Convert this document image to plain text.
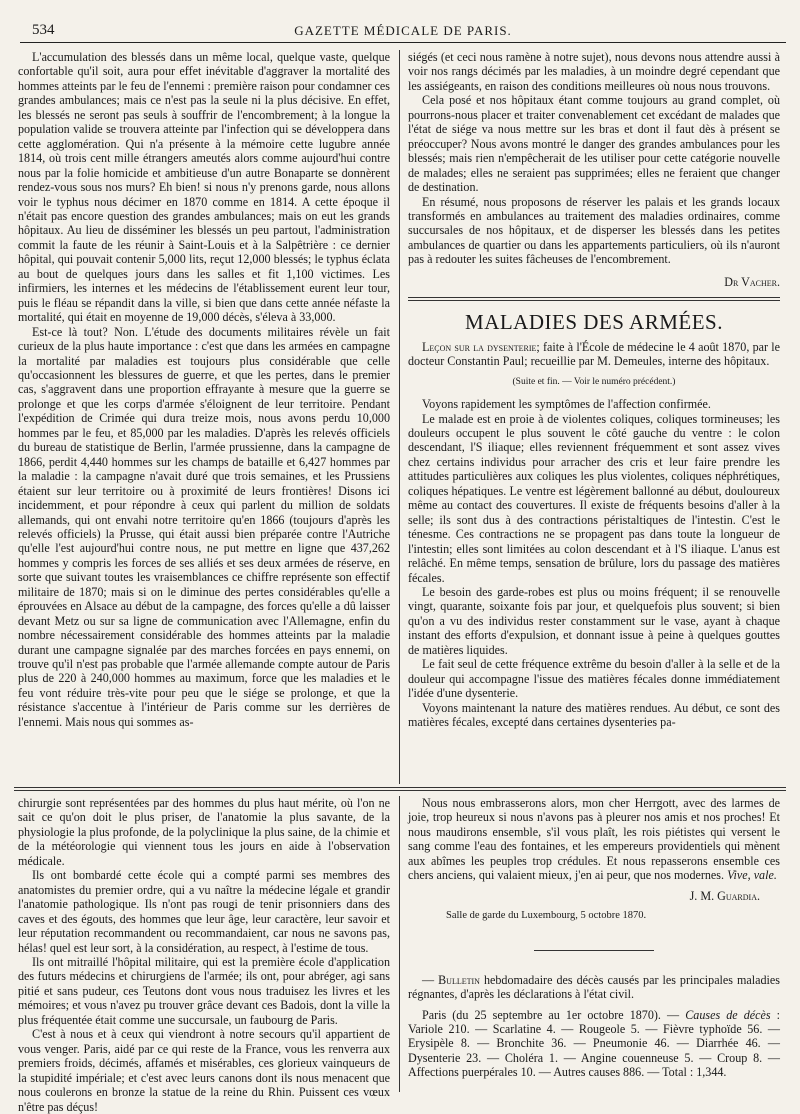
534	GAZETTE MÉDICALE DE PARIS.

L'accumulation des blessés dans un même local, quelque vaste, quelque confortable qu'il soit, aura pour effet inévitable d'aggraver la mortalité des hommes atteints par le feu de l'ennemi : première raison pour condamner ces grandes ambulances; mais ce n'est pas la seule ni la plus décisive. En effet, les blessés ne seront pas seuls à souffrir de l'encombrement; à la longue la population valide se trouvera atteinte par l'infection qui se développera dans cette agglomération. Qui n'a présente à la mémoire cette lugubre année 1814, où trois cent mille étrangers ameutés alors comme aujourd'hui contre nous par la folie homicide et ambitieuse d'un autre Bonaparte se donnèrent rendez-vous sous nos murs? Eh bien! si nous n'y prenons garde, nous allons voir le typhus nous décimer en 1870 comme en 1814. A cette époque il n'était pas encore question des grandes ambulances; mais on eut les grands hôpitaux. Au lieu de disséminer les blessés un peu partout, l'administration commit la faute de les réunir à Saint-Louis et à la Salpêtrière : ce dernier hôpital, qui pouvait contenir 5,000 lits, reçut 12,000 blessés; le typhus éclata au bout de quelques jours dans les salles et fit 1,100 victimes. Les infirmiers, les internes et les médecins de l'établissement eurent leur tour, puis le fléau se répandit dans la ville, si bien que dans cette année néfaste la mortalité, qui était en moyenne de 19,000 décès, s'éleva à 33,000.

Est-ce là tout? Non. L'étude des documents militaires révèle un fait curieux de la plus haute importance : c'est que dans les armées en campagne la mortalité par maladies est toujours plus considérable que celle qu'occasionnent les blessures de guerre, et que les pertes, dans le premier cas, s'aggravent dans une proportion effrayante à mesure que la guerre se prolonge et que les corps d'armée s'éloignent de leur territoire. Pendant l'expédition de Crimée qui dura treize mois, nous avons perdu 10,000 hommes par le feu, et 85,000 par les maladies. D'après les relevés officiels du bureau de statistique de Berlin, l'armée prussienne, dans la campagne de 1866, perdit 4,440 hommes sur les champs de bataille et 6,427 hommes par la maladie : la campagne n'avait duré que trois semaines, et les Prussiens étaient sur leur territoire ou à proximité de leurs frontières! Disons ici incidemment, et pour répondre à ceux qui parlent du million de soldats allemands, qui ont envahi notre territoire qu'en 1866 (toujours d'après les relevés officiels) la Prusse, qui était aussi bien préparée contre l'Autriche qu'elle l'est aujourd'hui contre nous, ne put mettre en ligne que 437,262 hommes y compris les forces de ses alliés et ses deux armées de réserve, en sorte que suivant toutes les vraisemblances ce chiffre représente son effectif militaire de 1870; mais si on le diminue des pertes considérables qu'elle a éprouvées en Alsace au début de la campagne, des forces qu'elle a dû laisser devant Metz ou sur sa ligne de communication avec l'Allemagne, enfin du nombre nécessairement considérable des hommes atteints par la maladie durant une campagne signalée par des marches forcées en pays ennemi, on trouve qu'il n'est pas probable que l'armée allemande compte autour de Paris plus de 220 à 240,000 hommes au maximum, force que les maladies et le feu vont réduire très-vite pour peu que le siége se prolonge, et que la résistance s'accentue à l'intérieur de Paris comme sur les derrières de l'ennemi. Mais nous qui sommes as-

siégés (et ceci nous ramène à notre sujet), nous devons nous attendre aussi à voir nos rangs décimés par les maladies, à un moindre degré cependant que les assiégeants, en raison des conditions meilleures où nous nous trouvons.

Cela posé et nos hôpitaux étant comme toujours au grand complet, où pourrons-nous placer et traiter convenablement cet excédant de malades que l'état de siége va nous mettre sur les bras et dont il faut dès à présent se préoccuper? Nous avons montré le danger des grandes ambulances pour les blessés; mais rien n'empêcherait de les utiliser pour cette catégorie nouvelle de malades; elles ne seraient pas supprimées; elles ne feraient que changer de destination.

En résumé, nous proposons de réserver les palais et les grands locaux transformés en ambulances au traitement des maladies ordinaires, comme succursales de nos hôpitaux, et de disperser les blessés dans les petites ambulances de quartier ou dans les appartements particuliers, où ils n'auront pas à redouter les suites fâcheuses de l'encombrement.

Dr Vacher.

MALADIES DES ARMÉES.

Leçon sur la dysenterie; faite à l'École de médecine le 4 août 1870, par le docteur Constantin Paul; recueillie par M. Demeules, interne des hôpitaux.

(Suite et fin. — Voir le numéro précédent.)

Voyons rapidement les symptômes de l'affection confirmée.

Le malade est en proie à de violentes coliques, coliques tormineuses; les douleurs occupent le plus souvent le côté gauche du ventre : le colon descendant, l'S iliaque; elles reviennent fréquemment et sont assez vives chez certains individus pour arracher des cris et leur faire prendre les attitudes particulières aux coliques les plus violentes, coliques néphrétiques, coliques hépatiques. Le ventre est légèrement ballonné au début, douloureux même au contact des couvertures. Il existe de fréquents besoins d'aller à la selle; ils sont dus à des contractions péristaltiques de l'intestin. C'est le ténesme. Ces contractions ne se propagent pas dans toute la longueur de l'intestin; elles sont limitées au colon descendant et à l'S iliaque. L'anus est relâché. En même temps, sensation de brûlure, lors du passage des matières fécales.

Le besoin des garde-robes est plus ou moins fréquent; il se renouvelle vingt, quarante, soixante fois par jour, et quelquefois plus souvent; si bien qu'on a vu des individus rester constamment sur le vase, ayant à chaque instant des efforts d'expulsion, et donnant issue à peine à quelques gouttes de matières liquides.

Le fait seul de cette fréquence extrême du besoin d'aller à la selle et de la douleur qui accompagne l'issue des matières fécales donne immédiatement l'idée d'une dysenterie.

Voyons maintenant la nature des matières rendues. Au début, ce sont des matières fécales, excepté dans certaines dysenteries pa-

chirurgie sont représentées par des hommes du plus haut mérite, où l'on ne sait ce qu'on doit le plus priser, de l'anatomie la plus savante, de la physiologie la plus profonde, de la polyclinique la plus saine, de la chimie et de la météorologie qui viennent tous les jours en aide à l'observation médicale.

Ils ont bombardé cette école qui a compté parmi ses membres des anatomistes du premier ordre, qui a vu naître la médecine légale et grandir l'anatomie pathologique. Ils n'ont pas rougi de tenir prisonniers dans des caves et des égouts, des hommes que leur âge, leur caractère, leur savoir et leur réputation recommandent ou recommandaient, car nous ne savons pas, hélas! quel est leur sort, à la considération, au respect, à l'estime de tous.

Ils ont mitraillé l'hôpital militaire, qui est la première école d'application des futurs médecins et chirurgiens de l'armée; ils ont, pour abréger, agi sans pitié et sans pudeur, ces Teutons dont vous nous traduisez les livres et les mémoires; et vous n'avez pu trouver grâce devant ces Badois, dont la ville la plus fréquentée était comme une succursale, un faubourg de Paris.

C'est à nous et à ceux qui viendront à notre secours qu'il appartient de vous venger. Paris, aidé par ce qui reste de la France, vous les renverra aux premiers froids, décimés, affamés et misérables, ces glorieux vainqueurs de la stupidité impériale; et c'est avec leurs canons dont ils nous menacent que nous coulerons en bronze la statue de la reine du Rhin. Puissent ces vœux n'être pas déçus!

Nous nous embrasserons alors, mon cher Herrgott, avec des larmes de joie, trop heureux si nous n'avons pas à pleurer nos amis et nos proches! Et nous maudirons ensemble, s'il vous plaît, les rois piétistes qui versent le sang comme l'eau des fontaines, et les empereurs providentiels qui mènent aux abîmes les peuples trop crédules. Et nous repasserons ensemble ces chers anciens, qui valaient mieux, j'en ai peur, que nos modernes. Vive, vale.

J. M. Guardia.

Salle de garde du Luxembourg, 5 octobre 1870.

— Bulletin hebdomadaire des décès causés par les principales maladies régnantes, d'après les déclarations à l'état civil.

Paris (du 25 septembre au 1er octobre 1870). — Causes de décès : Variole 210. — Scarlatine 4. — Rougeole 5. — Fièvre typhoïde 56. — Erysipèle 8. — Bronchite 36. — Pneumonie 46. — Diarrhée 46. — Dysenterie 23. — Choléra 1. — Angine couenneuse 5. — Croup 8. — Affections puerpérales 10. — Autres causes 886. — Total : 1,344.
